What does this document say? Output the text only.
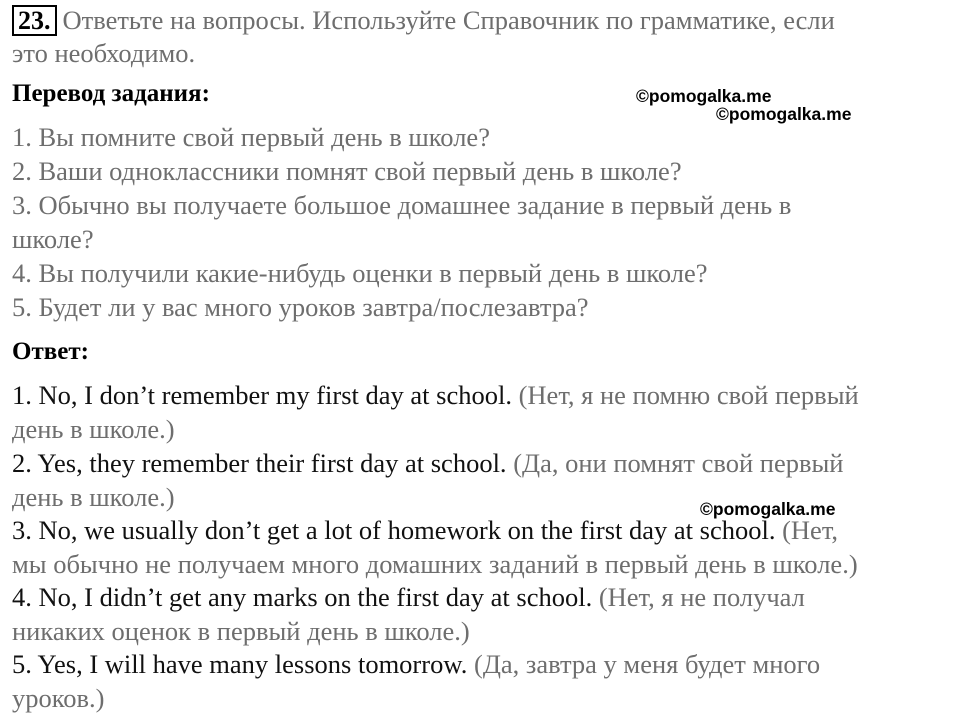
23. Ответьте на вопросы. Используйте Справочник по грамматике, если
это необходимо.
Перевод задания:	©pomogalka.me
©pomogalka.me
©pomogalka.me
1. Вы помните свой первый день в школе?
2. Ваши одноклассники помнят свой первый день в школе?
3. Обычно вы получаете большое домашнее задание в первый день в
школе?
4. Вы получили какие-нибудь оценки в первый день в школе?
5. Будет ли у вас много уроков завтра/послезавтра?
Ответ:
1. No, I don’t remember my first day at school. (Нет, я не помню свой первый
день в школе.)
2. Yes, they remember their first day at school. (Да, они помнят свой первый
день в школе.)
3. No, we usually don’t get a lot of homework on the first day at school. (Нет,
мы обычно не получаем много домашних заданий в первый день в школе.)
4. No, I didn’t get any marks on the first day at school. (Нет, я не получал
никаких оценок в первый день в школе.)
5. Yes, I will have many lessons tomorrow. (Да, завтра у меня будет много
уроков.)
